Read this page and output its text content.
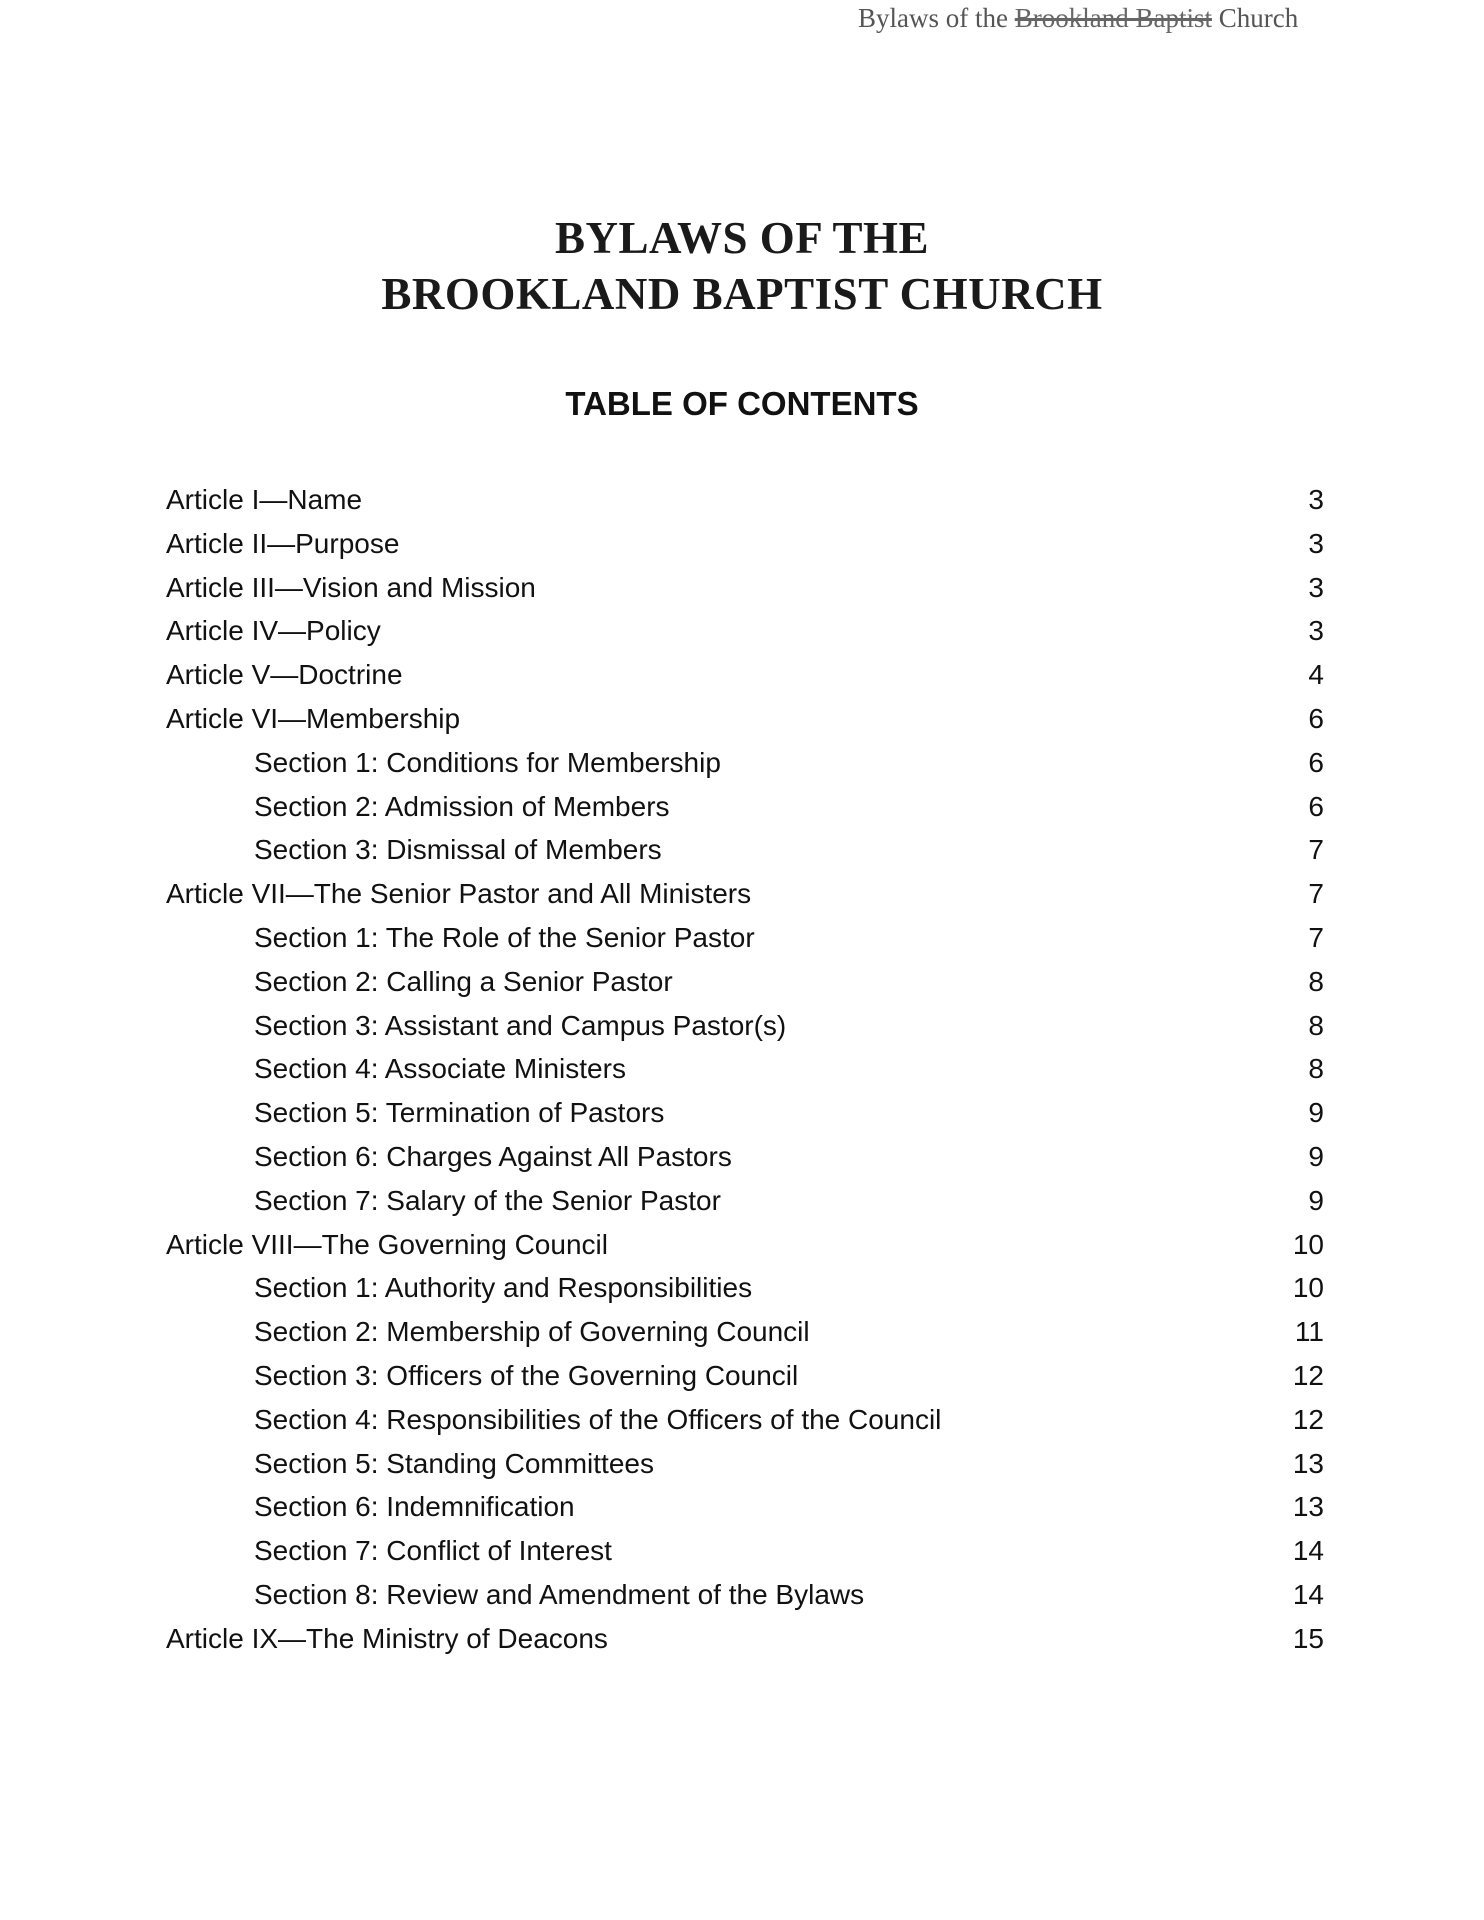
Bylaws of the Brookland Baptist Church
BYLAWS OF THE
BROOKLAND BAPTIST CHURCH
TABLE OF CONTENTS
Article I—Name	3
Article II—Purpose	3
Article III—Vision and Mission	3
Article IV—Policy	3
Article V—Doctrine	4
Article VI—Membership	6
Section 1: Conditions for Membership	6
Section 2: Admission of Members	6
Section 3: Dismissal of Members	7
Article VII—The Senior Pastor and All Ministers	7
Section 1: The Role of the Senior Pastor	7
Section 2: Calling a Senior Pastor	8
Section 3: Assistant and Campus Pastor(s)	8
Section 4: Associate Ministers	8
Section 5: Termination of Pastors	9
Section 6: Charges Against All Pastors	9
Section 7: Salary of the Senior Pastor	9
Article VIII—The Governing Council	10
Section 1: Authority and Responsibilities	10
Section 2: Membership of Governing Council	11
Section 3: Officers of the Governing Council	12
Section 4: Responsibilities of the Officers of the Council	12
Section 5: Standing Committees	13
Section 6: Indemnification	13
Section 7: Conflict of Interest	14
Section 8: Review and Amendment of the Bylaws	14
Article IX—The Ministry of Deacons	15
